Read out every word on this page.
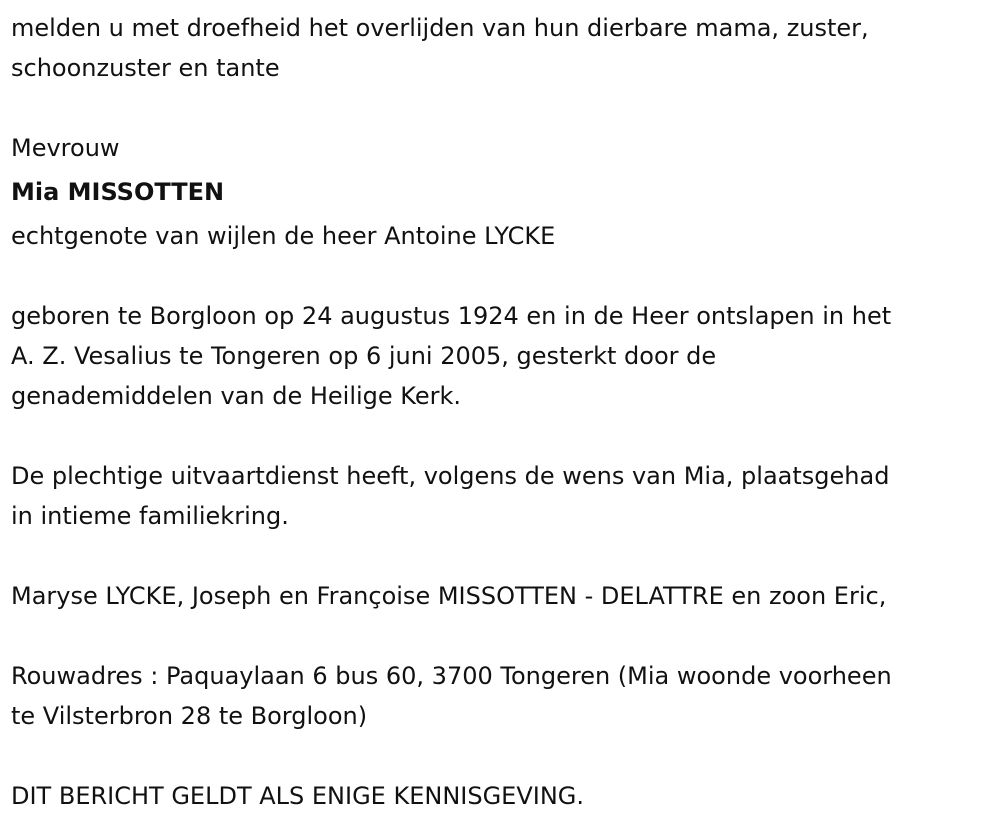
melden u met droefheid het overlijden van hun dierbare mama, zuster,

schoonzuster en tante

Mevrouw

Mia MISSOTTEN

echtgenote van wijlen de heer Antoine LYCKE

geboren te Borgloon op 24 augustus 1924 en in de Heer ontslapen in het

A. Z. Vesalius te Tongeren op 6 juni 2005, gesterkt door de

genademiddelen van de Heilige Kerk.

De plechtige uitvaartdienst heeft, volgens de wens van Mia, plaatsgehad

in intieme familiekring.

Maryse LYCKE, Joseph en Françoise MISSOTTEN - DELATTRE en zoon Eric,

Rouwadres : Paquaylaan 6 bus 60, 3700 Tongeren (Mia woonde voorheen

te Vilsterbron 28 te Borgloon)

DIT BERICHT GELDT ALS ENIGE KENNISGEVING.
